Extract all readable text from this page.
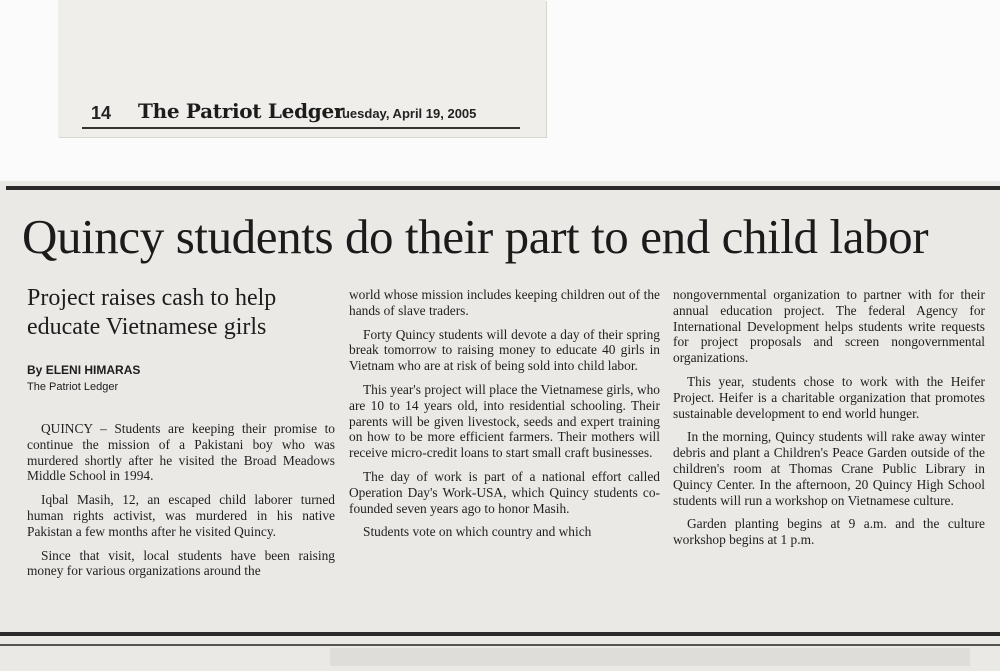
14 The Patriot Ledger
Tuesday, April 19, 2005
Quincy students do their part to end child labor
Project raises cash to help educate Vietnamese girls
By ELENI HIMARAS
The Patriot Ledger

QUINCY – Students are keeping their promise to continue the mission of a Pakistani boy who was murdered shortly after he visited the Broad Meadows Middle School in 1994.

Iqbal Masih, 12, an escaped child laborer turned human rights activist, was murdered in his native Pakistan a few months after he visited Quincy.

Since that visit, local students have been raising money for various organizations around the

world whose mission includes keeping children out of the hands of slave traders.

Forty Quincy students will devote a day of their spring break tomorrow to raising money to educate 40 girls in Vietnam who are at risk of being sold into child labor.

This year's project will place the Vietnamese girls, who are 10 to 14 years old, into residential schooling. Their parents will be given livestock, seeds and expert training on how to be more efficient farmers. Their mothers will receive micro-credit loans to start small craft businesses.

The day of work is part of a national effort called Operation Day's Work-USA, which Quincy students co-founded seven years ago to honor Masih.

Students vote on which country and which

nongovernmental organization to partner with for their annual education project. The federal Agency for International Development helps students write requests for project proposals and screen nongovernmental organizations.

This year, students chose to work with the Heifer Project. Heifer is a charitable organization that promotes sustainable development to end world hunger.

In the morning, Quincy students will rake away winter debris and plant a Children's Peace Garden outside of the children's room at Thomas Crane Public Library in Quincy Center. In the afternoon, 20 Quincy High School students will run a workshop on Vietnamese culture.

Garden planting begins at 9 a.m. and the culture workshop begins at 1 p.m.
